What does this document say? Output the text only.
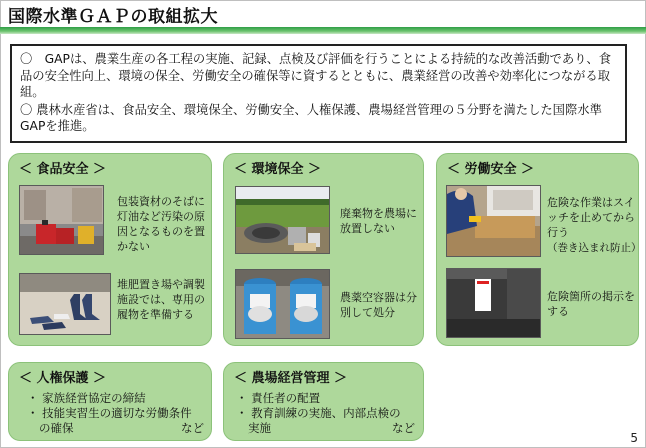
国際水準ＧＡＰの取組拡大

〇　GAPは、農業生産の各工程の実施、記録、点検及び評価を行うことによる持続的な改善活動であり、食品の安全性向上、環境の保全、労働安全の確保等に資するとともに、農業経営の改善や効率化につながる取組。

〇 農林水産省は、食品安全、環境保全、労働安全、人権保護、農場経営管理の５分野を満たした国際水準GAPを推進。

＜ 食品安全 ＞
包装資材のそばに灯油など汚染の原因となるものを置かない
堆肥置き場や調製施設では、専用の履物を準備する
＜ 環境保全 ＞
廃棄物を農場に放置しない
農薬空容器は分別して処分
＜ 労働安全 ＞
危険な作業はスイッチを止めてから行う
（巻き込まれ防止）
危険箇所の掲示をする
＜ 人権保護 ＞
・ 家族経営協定の締結
・ 技能実習生の適切な労働条件
の確保	など
＜ 農場経営管理 ＞
・ 責任者の配置
・ 教育訓練の実施、内部点検の
実施	など
5
